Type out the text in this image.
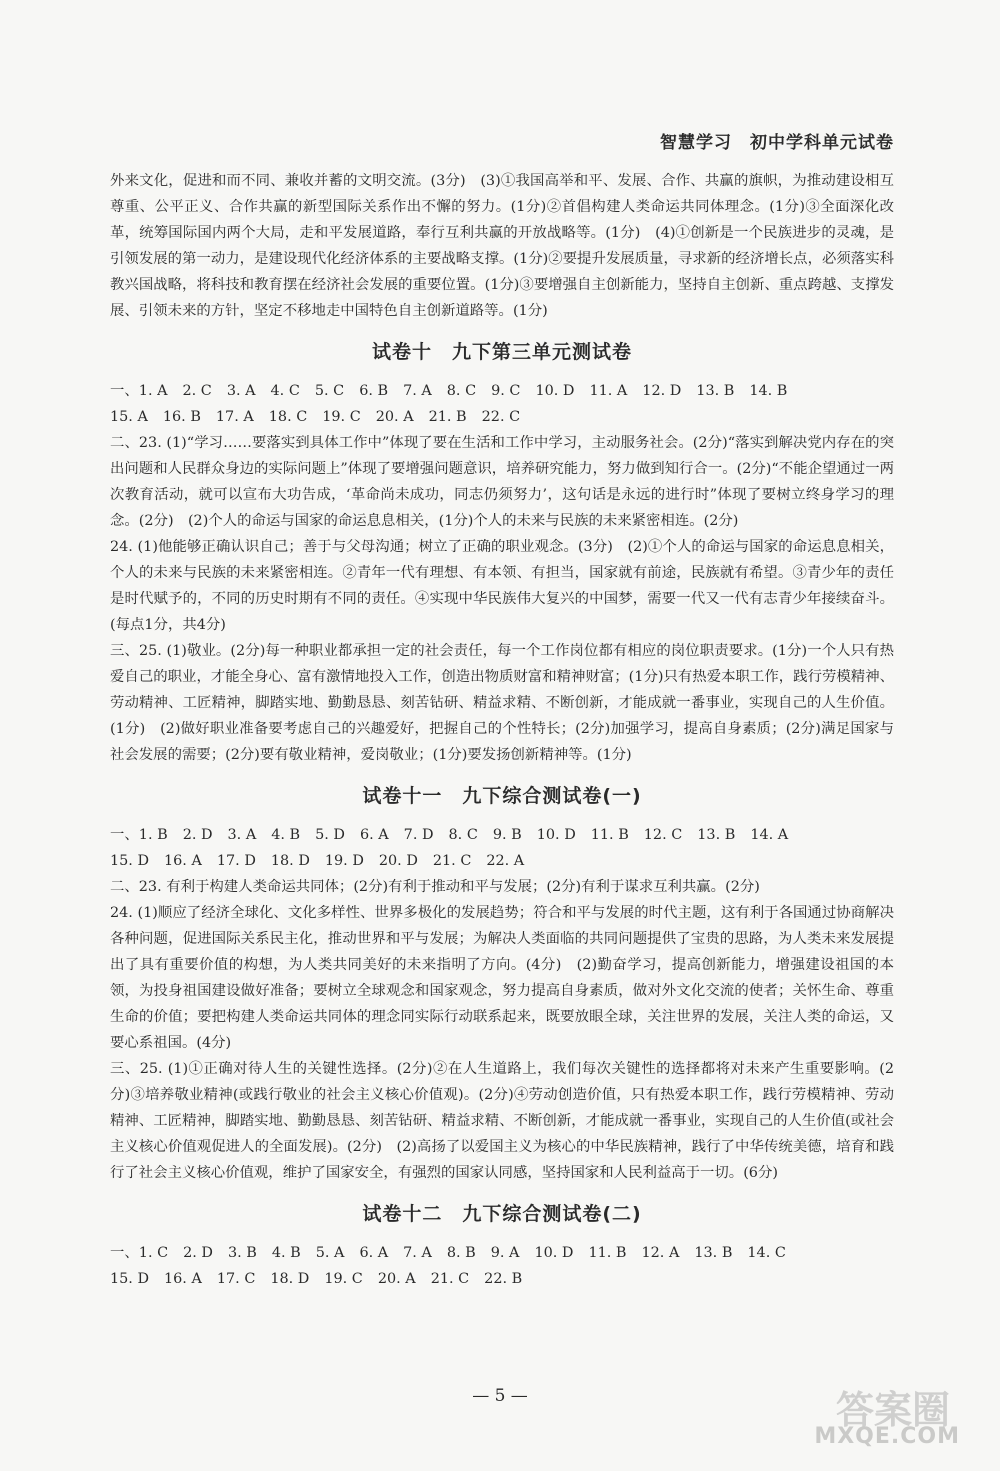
智慧学习　初中学科单元试卷

外来文化，促进和而不同、兼收并蓄的文明交流。(3分)　(3)①我国高举和平、发展、合作、共赢的旗帜，为推动建设相互尊重、公平正义、合作共赢的新型国际关系作出不懈的努力。(1分)②首倡构建人类命运共同体理念。(1分)③全面深化改革，统筹国际国内两个大局，走和平发展道路，奉行互利共赢的开放战略等。(1分)　(4)①创新是一个民族进步的灵魂，是引领发展的第一动力，是建设现代化经济体系的主要战略支撑。(1分)②要提升发展质量，寻求新的经济增长点，必须落实科教兴国战略，将科技和教育摆在经济社会发展的重要位置。(1分)③要增强自主创新能力，坚持自主创新、重点跨越、支撑发展、引领未来的方针，坚定不移地走中国特色自主创新道路等。(1分)

试卷十　九下第三单元测试卷
一、1. A 2. C 3. A 4. C 5. C 6. B 7. A 8. C 9. C 10. D 11. A 12. D 13. B 14. B
15. A 16. B 17. A 18. C 19. C 20. A 21. B 22. C

二、23. (1)“学习……要落实到具体工作中”体现了要在生活和工作中学习，主动服务社会。(2分)“落实到解决党内存在的突出问题和人民群众身边的实际问题上”体现了要增强问题意识，培养研究能力，努力做到知行合一。(2分)“不能企望通过一两次教育活动，就可以宣布大功告成，‘革命尚未成功，同志仍须努力’，这句话是永远的进行时”体现了要树立终身学习的理念。(2分)　(2)个人的命运与国家的命运息息相关，(1分)个人的未来与民族的未来紧密相连。(2分)

24. (1)他能够正确认识自己；善于与父母沟通；树立了正确的职业观念。(3分)　(2)①个人的命运与国家的命运息息相关，个人的未来与民族的未来紧密相连。②青年一代有理想、有本领、有担当，国家就有前途，民族就有希望。③青少年的责任是时代赋予的，不同的历史时期有不同的责任。④实现中华民族伟大复兴的中国梦，需要一代又一代有志青少年接续奋斗。(每点1分，共4分)

三、25. (1)敬业。(2分)每一种职业都承担一定的社会责任，每一个工作岗位都有相应的岗位职责要求。(1分)一个人只有热爱自己的职业，才能全身心、富有激情地投入工作，创造出物质财富和精神财富；(1分)只有热爱本职工作，践行劳模精神、劳动精神、工匠精神，脚踏实地、勤勤恳恳、刻苦钻研、精益求精、不断创新，才能成就一番事业，实现自己的人生价值。(1分)　(2)做好职业准备要考虑自己的兴趣爱好，把握自己的个性特长；(2分)加强学习，提高自身素质；(2分)满足国家与社会发展的需要；(2分)要有敬业精神，爱岗敬业；(1分)要发扬创新精神等。(1分)

试卷十一　九下综合测试卷(一)
一、1. B 2. D 3. A 4. B 5. D 6. A 7. D 8. C 9. B 10. D 11. B 12. C 13. B 14. A
15. D 16. A 17. D 18. D 19. D 20. D 21. C 22. A

二、23. 有利于构建人类命运共同体；(2分)有利于推动和平与发展；(2分)有利于谋求互利共赢。(2分)

24. (1)顺应了经济全球化、文化多样性、世界多极化的发展趋势；符合和平与发展的时代主题，这有利于各国通过协商解决各种问题，促进国际关系民主化，推动世界和平与发展；为解决人类面临的共同问题提供了宝贵的思路，为人类未来发展提出了具有重要价值的构想，为人类共同美好的未来指明了方向。(4分)　(2)勤奋学习，提高创新能力，增强建设祖国的本领，为投身祖国建设做好准备；要树立全球观念和国家观念，努力提高自身素质，做对外文化交流的使者；关怀生命、尊重生命的价值；要把构建人类命运共同体的理念同实际行动联系起来，既要放眼全球，关注世界的发展，关注人类的命运，又要心系祖国。(4分)

三、25. (1)①正确对待人生的关键性选择。(2分)②在人生道路上，我们每次关键性的选择都将对未来产生重要影响。(2分)③培养敬业精神(或践行敬业的社会主义核心价值观)。(2分)④劳动创造价值，只有热爱本职工作，践行劳模精神、劳动精神、工匠精神，脚踏实地、勤勤恳恳、刻苦钻研、精益求精、不断创新，才能成就一番事业，实现自己的人生价值(或社会主义核心价值观促进人的全面发展)。(2分)　(2)高扬了以爱国主义为核心的中华民族精神，践行了中华传统美德，培育和践行了社会主义核心价值观，维护了国家安全，有强烈的国家认同感，坚持国家和人民利益高于一切。(6分)

试卷十二　九下综合测试卷(二)
一、1. C 2. D 3. B 4. B 5. A 6. A 7. A 8. B 9. A 10. D 11. B 12. A 13. B 14. C
15. D 16. A 17. C 18. D 19. C 20. A 21. C 22. B
— 5 —	答案圈
MXQE.COM
